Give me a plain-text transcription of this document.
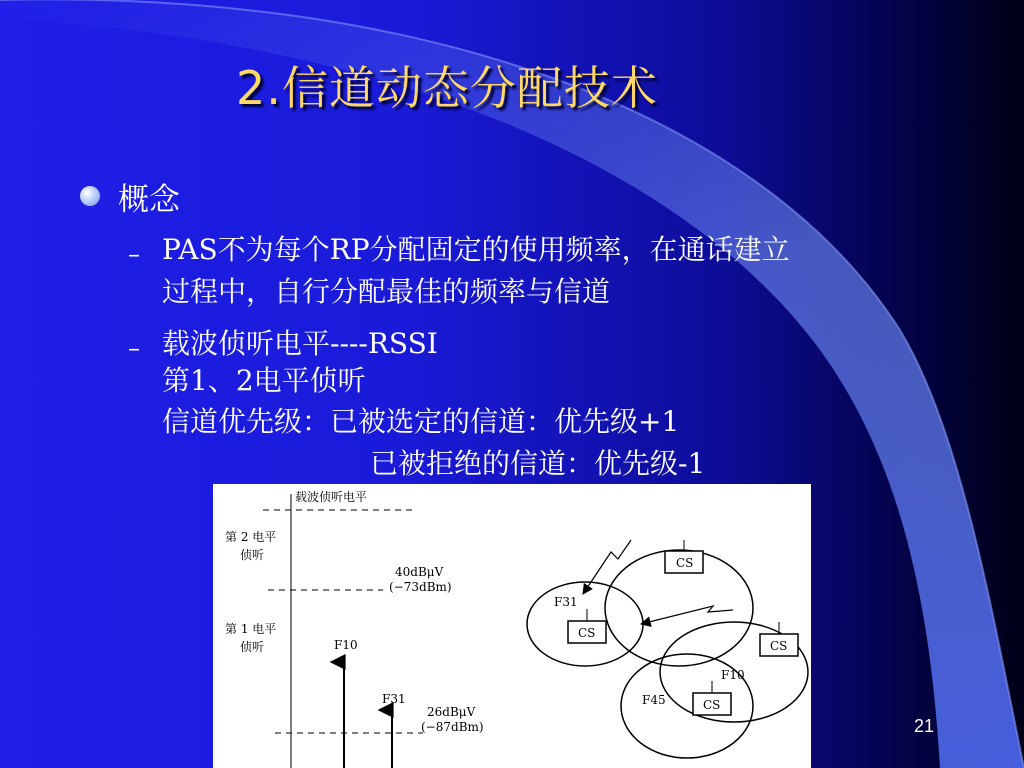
2.信道动态分配技术
概念
– PAS不为每个RP分配固定的使用频率，在通话建立
过程中，自行分配最佳的频率与信道
– 载波侦听电平----RSSI
第1、2电平侦听
信道优先级：已被选定的信道：优先级+1
已被拒绝的信道：优先级-1
载波侦听电平
第 2 电平
侦听
第 1 电平
侦听
40dBμV
(−73dBm)
26dBμV
(−87dBm)
F10
F31
CS
CS
CS
CS
F31
F10
F45
21
